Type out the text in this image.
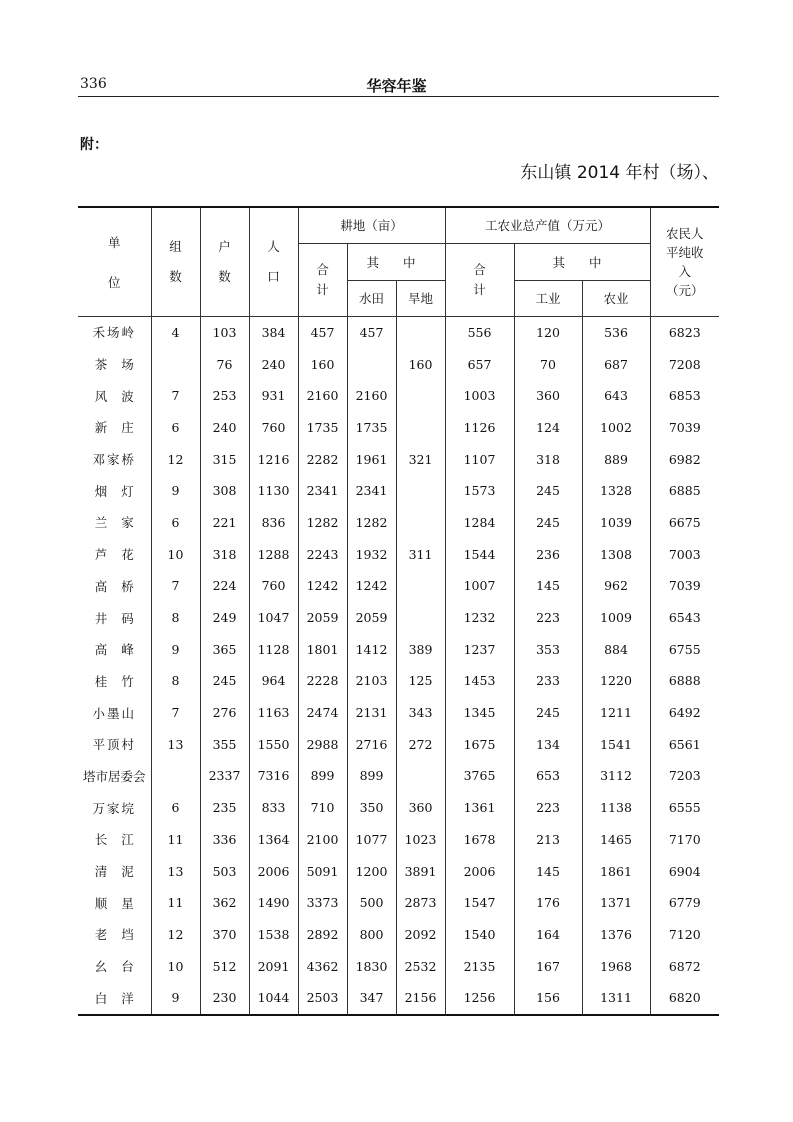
336	华容年鉴
附：
东山镇 2014 年村（场）、
单
位	组数	户数	人口	耕地（亩）			工农业总产值（万元）			农民人平纯收入（元）
				合计	其 中		合计	其 中		
					水田	旱地		工业	农业	
禾场岭	4	103	384	457	457		556	120	536	6823
茶场		76	240	160		160	657	70	687	7208
风波	7	253	931	2160	2160		1003	360	643	6853
新庄	6	240	760	1735	1735		1126	124	1002	7039
邓家桥	12	315	1216	2282	1961	321	1107	318	889	6982
烟灯	9	308	1130	2341	2341		1573	245	1328	6885
兰家	6	221	836	1282	1282		1284	245	1039	6675
芦花	10	318	1288	2243	1932	311	1544	236	1308	7003
高桥	7	224	760	1242	1242		1007	145	962	7039
井码	8	249	1047	2059	2059		1232	223	1009	6543
高峰	9	365	1128	1801	1412	389	1237	353	884	6755
桂竹	8	245	964	2228	2103	125	1453	233	1220	6888
小墨山	7	276	1163	2474	2131	343	1345	245	1211	6492
平顶村	13	355	1550	2988	2716	272	1675	134	1541	6561
塔市居委会		2337	7316	899	899		3765	653	3112	7203
万家垸	6	235	833	710	350	360	1361	223	1138	6555
长江	11	336	1364	2100	1077	1023	1678	213	1465	7170
清泥	13	503	2006	5091	1200	3891	2006	145	1861	6904
顺星	11	362	1490	3373	500	2873	1547	176	1371	6779
老垱	12	370	1538	2892	800	2092	1540	164	1376	7120
幺台	10	512	2091	4362	1830	2532	2135	167	1968	6872
白洋	9	230	1044	2503	347	2156	1256	156	1311	6820
